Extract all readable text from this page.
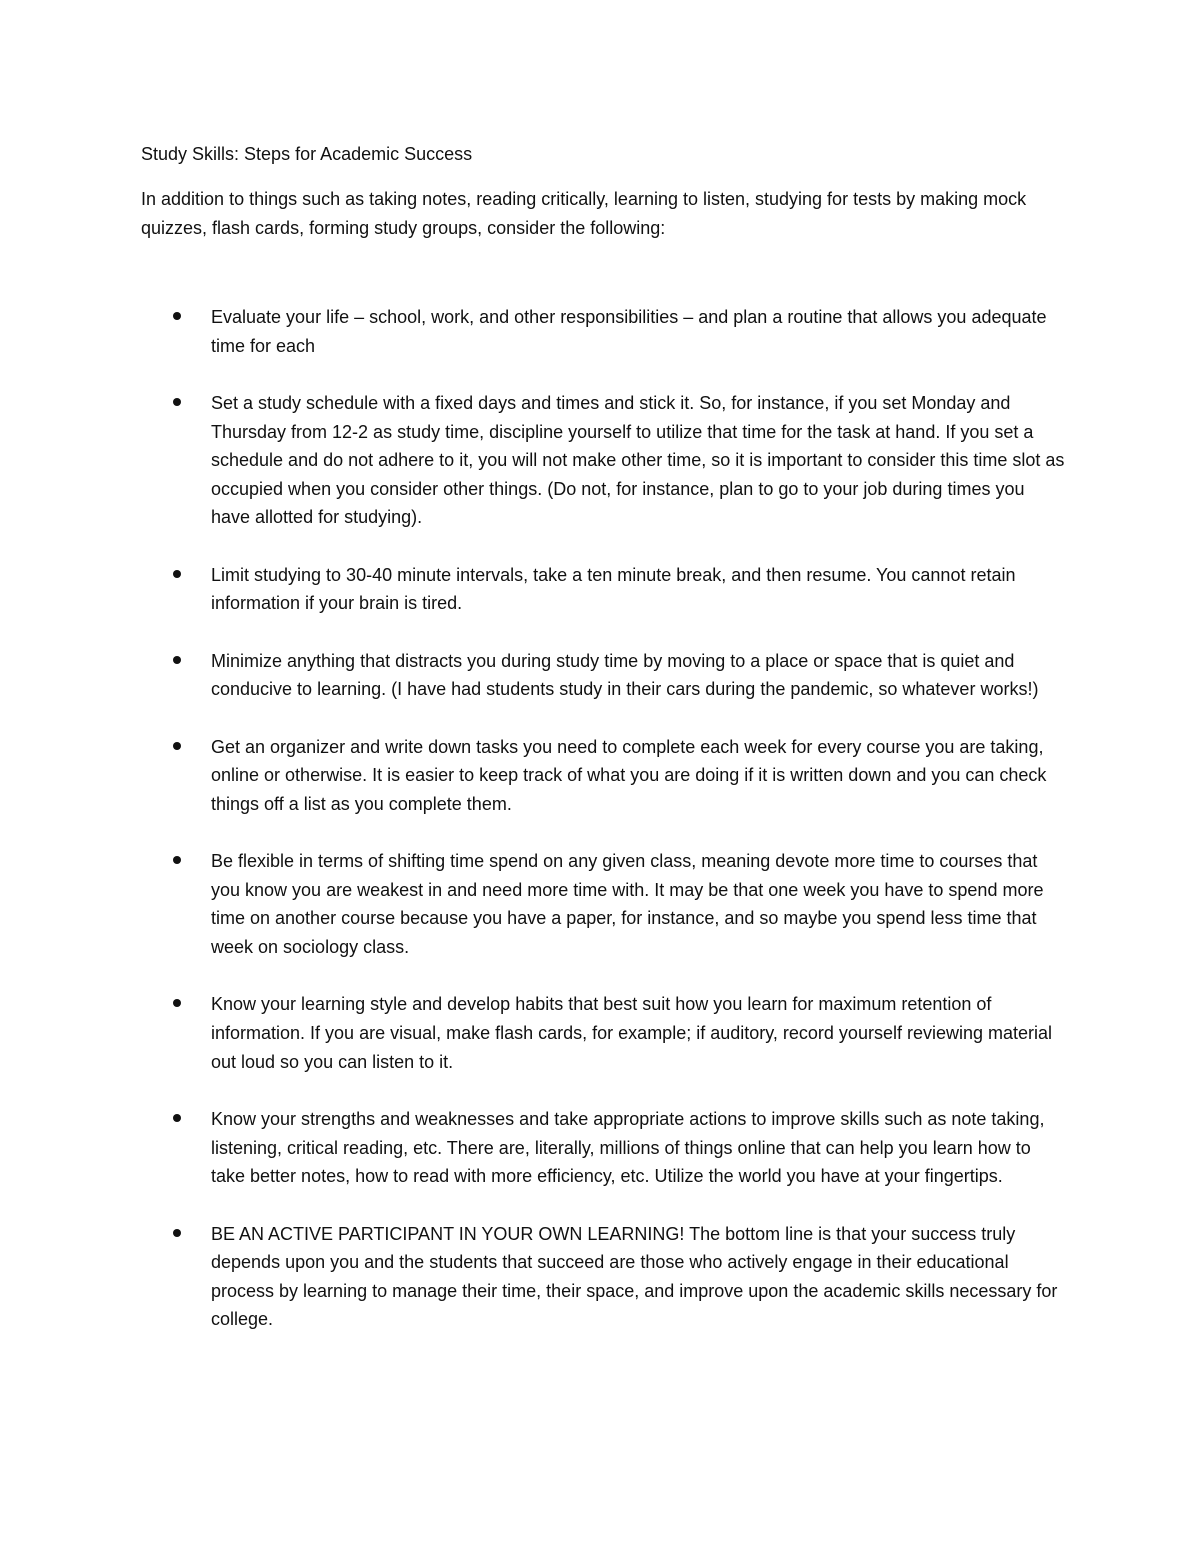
Study Skills: Steps for Academic Success

In addition to things such as taking notes, reading critically, learning to listen, studying for tests by making mock quizzes, flash cards, forming study groups, consider the following:

Evaluate your life – school, work, and other responsibilities – and plan a routine that allows you adequate time for each
Set a study schedule with a fixed days and times and stick it. So, for instance, if you set Monday and Thursday from 12-2 as study time, discipline yourself to utilize that time for the task at hand. If you set a schedule and do not adhere to it, you will not make other time, so it is important to consider this time slot as occupied when you consider other things. (Do not, for instance, plan to go to your job during times you have allotted for studying).
Limit studying to 30-40 minute intervals, take a ten minute break, and then resume. You cannot retain information if your brain is tired.
Minimize anything that distracts you during study time by moving to a place or space that is quiet and conducive to learning. (I have had students study in their cars during the pandemic, so whatever works!)
Get an organizer and write down tasks you need to complete each week for every course you are taking, online or otherwise. It is easier to keep track of what you are doing if it is written down and you can check things off a list as you complete them.
Be flexible in terms of shifting time spend on any given class, meaning devote more time to courses that you know you are weakest in and need more time with. It may be that one week you have to spend more time on another course because you have a paper, for instance, and so maybe you spend less time that week on sociology class.
Know your learning style and develop habits that best suit how you learn for maximum retention of information. If you are visual, make flash cards, for example; if auditory, record yourself reviewing material out loud so you can listen to it.
Know your strengths and weaknesses and take appropriate actions to improve skills such as note taking, listening, critical reading, etc. There are, literally, millions of things online that can help you learn how to take better notes, how to read with more efficiency, etc. Utilize the world you have at your fingertips.
BE AN ACTIVE PARTICIPANT IN YOUR OWN LEARNING! The bottom line is that your success truly depends upon you and the students that succeed are those who actively engage in their educational process by learning to manage their time, their space, and improve upon the academic skills necessary for college.
